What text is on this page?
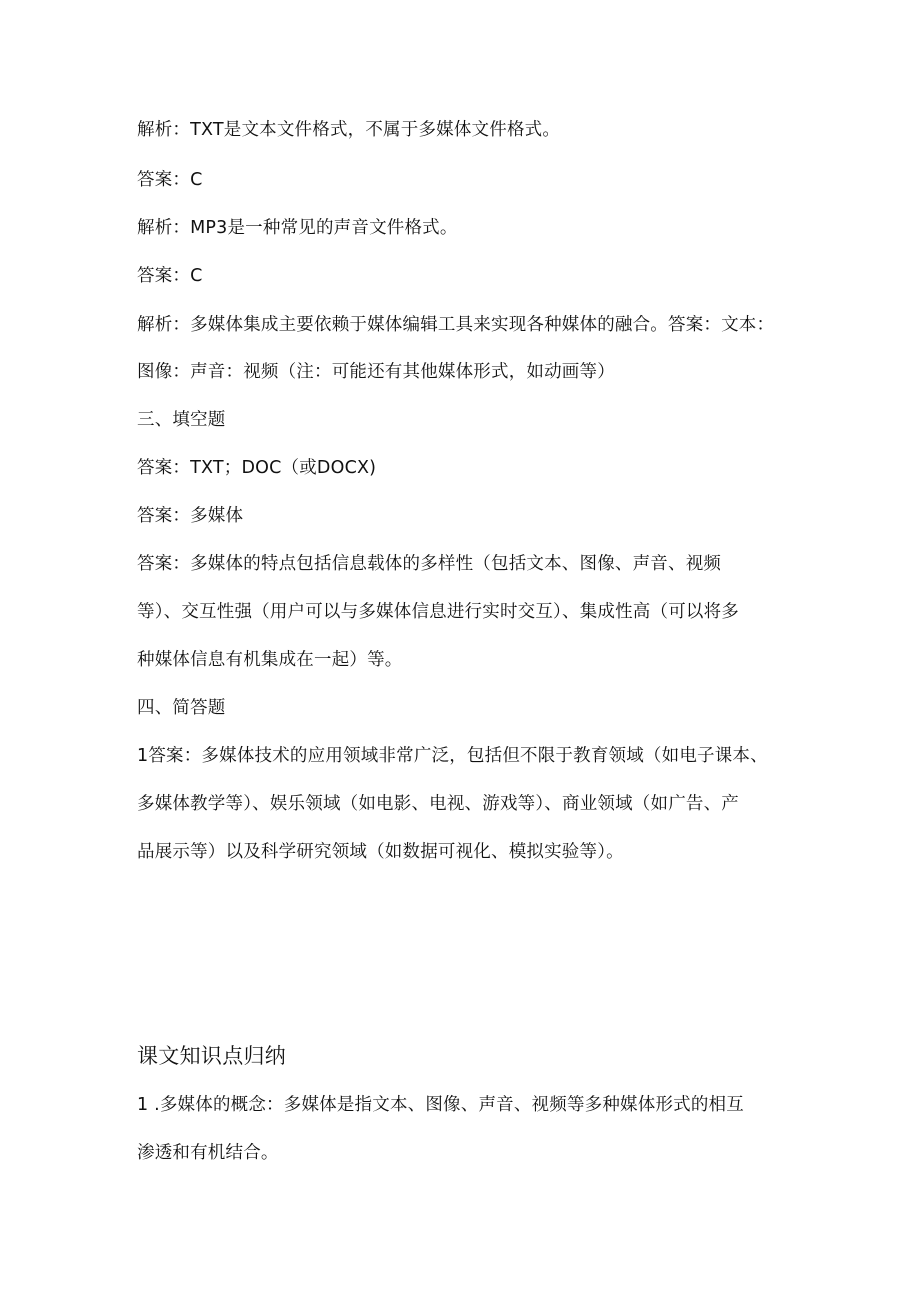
解析：TXT是文本文件格式，不属于多媒体文件格式。
答案：C
解析：MP3是一种常见的声音文件格式。
答案：C
解析：多媒体集成主要依赖于媒体编辑工具来实现各种媒体的融合。答案：文本：
图像：声音：视频（注：可能还有其他媒体形式，如动画等）
三、填空题
答案：TXT；DOC（或DOCX)
答案：多媒体
答案：多媒体的特点包括信息载体的多样性（包括文本、图像、声音、视频
等）、交互性强（用户可以与多媒体信息进行实时交互）、集成性高（可以将多
种媒体信息有机集成在一起）等。
四、简答题
1答案：多媒体技术的应用领域非常广泛，包括但不限于教育领域（如电子课本、
多媒体教学等）、娱乐领域（如电影、电视、游戏等）、商业领域（如广告、产
品展示等）以及科学研究领域（如数据可视化、模拟实验等）。
课文知识点归纳
1 .多媒体的概念：多媒体是指文本、图像、声音、视频等多种媒体形式的相互
渗透和有机结合。
